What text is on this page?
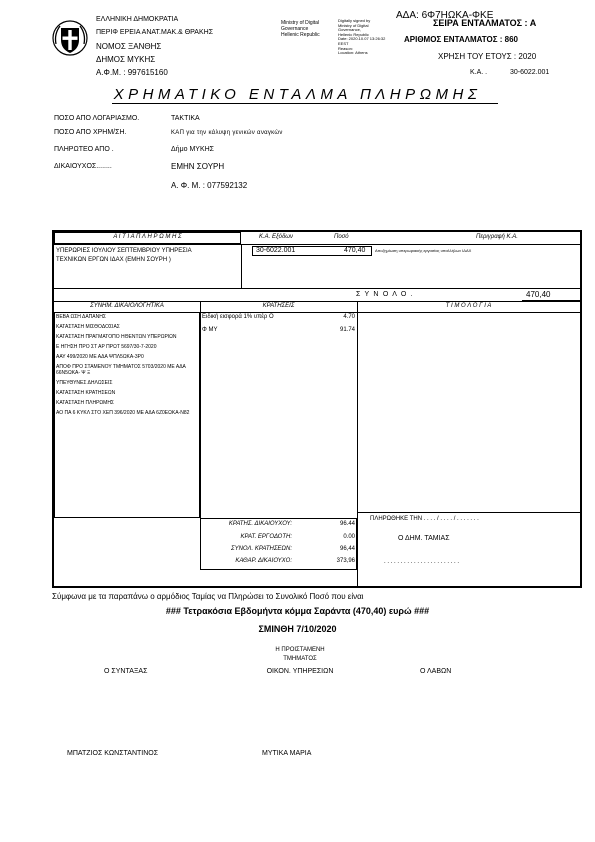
ΕΛΛΗΝΙΚΗ ΔΗΜΟΚΡΑΤΙΑ
ΠΕΡΙΦ ΕΡΕΙΑ ΑΝΑΤ.ΜΑΚ.& ΘΡΑΚΗΣ
ΝΟΜΟΣ ΞΑΝΘΗΣ
ΔΗΜΟΣ ΜΥΚΗΣ
Α.Φ.Μ. : 997615160
Ministry of Digital
Governance
Hellenic Republic
Digitally signed by
Ministry of Digital
Governance,
Hellenic Republic
Date: 2020.10.07 13:26:32
EEST
Reason:
Location: Athens
ΑΔΑ: 6Φ7ΗΩΚΑ-ΦΚΕ
ΣΕΙΡΑ ΕΝΤΑΛΜΑΤΟΣ : Α
ΑΡΙΘΜΟΣ ΕΝΤΑΛΜΑΤΟΣ : 860
ΧΡΗΣΗ ΤΟΥ ΕΤΟΥΣ : 2020
Κ.Α. .	30-6022.001
ΧΡΗΜΑΤΙΚΟ ΕΝΤΑΛΜΑ ΠΛΗΡΩΜΗΣ
ΠΟΣΟ ΑΠΟ ΛΟΓΑΡΙΑΣΜΟ.	ΤΑΚΤΙΚΑ
ΠΟΣΟ ΑΠΟ ΧΡΗΜ/ΣΗ.	ΚΑΠ για την κάλυψη γενικών αναγκών
ΠΛΗΡΩΤΕΟ ΑΠΟ .	Δήμο ΜΥΚΗΣ
ΔΙΚΑΙΟΥΧΟΣ........	ΕΜΗΝ ΣΟΥΡΗ
Α. Φ. Μ. : 077592132
Α Ι Τ Ι Α Π Λ Η Ρ Ω Μ Η Σ	Κ.Α. Εξόδων	Ποσό	Περιγραφή Κ.Α.
ΥΠΕΡΩΡΙΕΣ ΙΟΥΛΙΟΥ ΣΕΠΤΕΜΒΡΙΟΥ ΥΠΗΡΕΣΙΑ
ΤΕΧΝΙΚΩΝ ΕΡΓΩΝ ΙΔΑΧ (ΕΜΗΝ ΣΟΥΡΗ )
30-6022.001	470,40 Αποζημίωση υπερωριακής εργασίας υπαλλήλων ΙΔΑΧ
Σ Υ Ν Ο Λ Ο .	470,40
ΣΥΝΗΜ. ΔΙΚΑΙΟΛΟΓΗΤΙΚΑ	ΚΡΑΤΗΣΕΙΣ	Τ Ι Μ Ο Λ Ο Γ Ι Α
ΒΕΒΑ ΩΣΗ ΔΑΠΑΝΗΣ
ΚΑΤΑΣΤΑΣΗ ΜΙΣΘΟΔΟΣΙΑΣ
ΚΑΤΑΣΤΑΣΗ ΠΡΑΓΜΑΤΟΠΟ ΗΘΕΝΤΩΝ ΥΠΕΡΩΡΙΩΝ
Ε ΗΓΗΣΗ ΠΡΟ ΣΤ ΑΡ ΠΡΩΤ 5697/30-7-2020
ΑΑΥ 499/2020 ΜΕ ΑΔΑ ΨΠΛ5ΩΚΑ-3Ρ0
ΑΠΟΦ ΠΡΟ ΣΤΑΜΕΝΟΥ ΤΜΗΜΑΤΟΣ 5703/2020 ΜΕ ΑΔΑ 66Ν5ΩΚΑ- Ψ Ξ
ΥΠΕΥΘΥΝΕΣ ΔΗΛΩΣΕΙΣ
ΚΑΤΑΣΤΑΣΗ ΚΡΑΤΗΣΕΩΝ
ΚΑΤΑΣΤΑΣΗ ΠΛΗΡΩΜΗΣ
ΑΟ ΠΑ 6 ΚΥΚΛ ΣΤΟ ΧΕΠ 396/2020 ΜΕ ΑΔΑ 6Ζ0ΕΩΚΑ-Ν82
Ειδική εισφορά 1% υπέρ Ο	4.70
Φ ΜΥ	91.74
ΚΡΑΤΗΣ. ΔΙΚΑΙΟΥΧΟΥ:	96.44
ΚΡΑΤ. ΕΡΓΟΔΟΤΗ:	0.00
ΣΥΝΟΛ. ΚΡΑΤΗΣΕΩΝ:	96,44
ΚΑΘΑΡ. ΔΙΚΑΙΟΥΧΟ:	373,96
ΠΛΗΡΩΘΗΚΕ ΤΗΝ . . . . / . . . . / . . . . . . .
Ο ΔΗΜ. ΤΑΜΙΑΣ
. . . . . . . . . . . . . . . . . . . . . . .
Σύμφωνα με τα παραπάνω ο αρμόδιος Ταμίας να Πληρώσει το Συνολικό Ποσό που είναι
### Τετρακόσια Εβδομήντα κόμμα Σαράντα (470,40) ευρώ ###
ΣΜΙΝΘΗ 7/10/2020
Η ΠΡΟΙΣΤΑΜΕΝΗ
ΤΜΗΜΑΤΟΣ
Ο ΣΥΝΤΑΞΑΣ	ΟΙΚΟΝ. ΥΠΗΡΕΣΙΩΝ	Ο ΛΑΒΩΝ
ΜΠΑΤΖΙΟΣ ΚΩΝΣΤΑΝΤΙΝΟΣ	ΜΥΤΙΚΑ ΜΑΡΙΑ
